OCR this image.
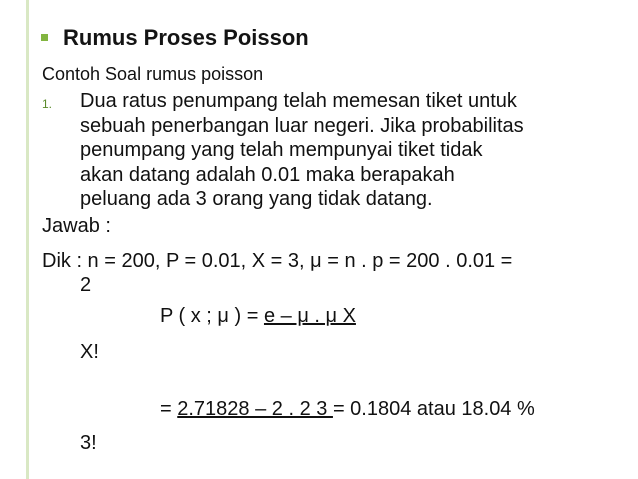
Rumus Proses Poisson
Contoh Soal rumus poisson
1. Dua ratus penumpang telah memesan tiket untuk
sebuah penerbangan luar negeri. Jika probabilitas
penumpang yang telah mempunyai tiket tidak
akan datang adalah 0.01 maka berapakah
peluang ada 3 orang yang tidak datang.
Jawab :
Dik : n = 200, P = 0.01, X = 3, μ = n . p = 200 . 0.01 =
2
P ( x ; μ ) = e – μ . μ X
X!
= 2.71828 – 2 . 2 3 = 0.1804 atau 18.04 %
3!
